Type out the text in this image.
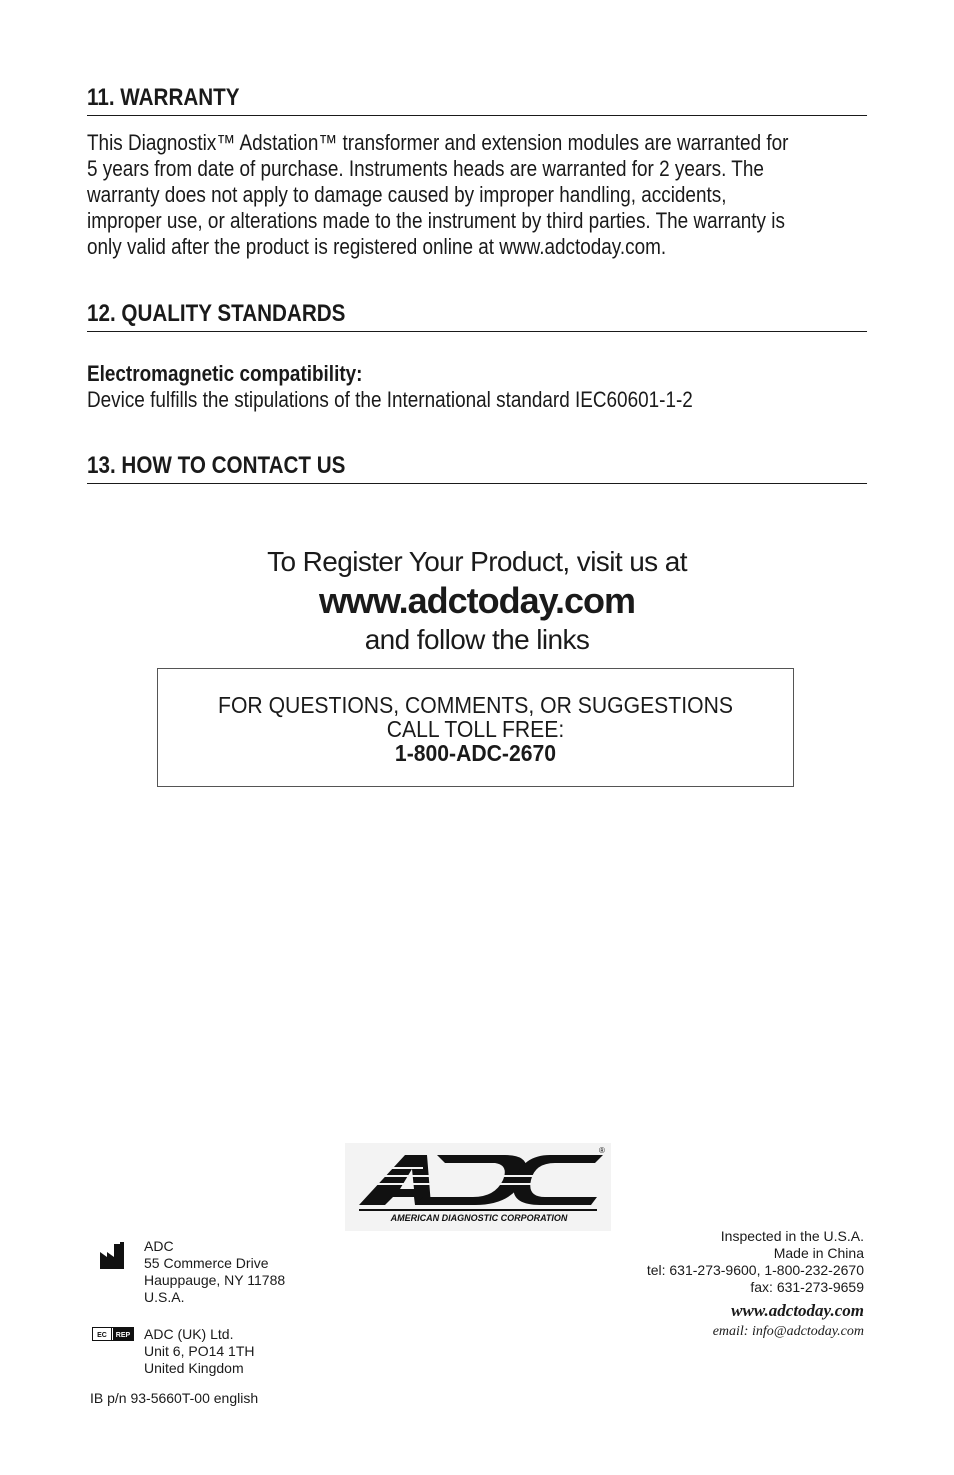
11. WARRANTY
This Diagnostix™ Adstation™ transformer and extension modules are warranted for
5 years from date of purchase. Instruments heads are warranted for 2 years. The
warranty does not apply to damage caused by improper handling, accidents,
improper use, or alterations made to the instrument by third parties. The warranty is
only valid after the product is registered online at www.adctoday.com.
12. QUALITY STANDARDS
Electromagnetic compatibility:
Device fulfills the stipulations of the International standard IEC60601-1-2
13. HOW TO CONTACT US
To Register Your Product, visit us at
www.adctoday.com
and follow the links
FOR QUESTIONS, COMMENTS, OR SUGGESTIONS
CALL TOLL FREE:
1-800-ADC-2670
AMERICAN DIAGNOSTIC CORPORATION
®
ADC
55 Commerce Drive
Hauppauge, NY 11788
U.S.A.
EC REP ADC (UK) Ltd.
Unit 6, PO14 1TH
United Kingdom
IB p/n 93-5660T-00 english
Inspected in the U.S.A.
Made in China
tel: 631-273-9600, 1-800-232-2670
fax: 631-273-9659
www.adctoday.com
email: info@adctoday.com
